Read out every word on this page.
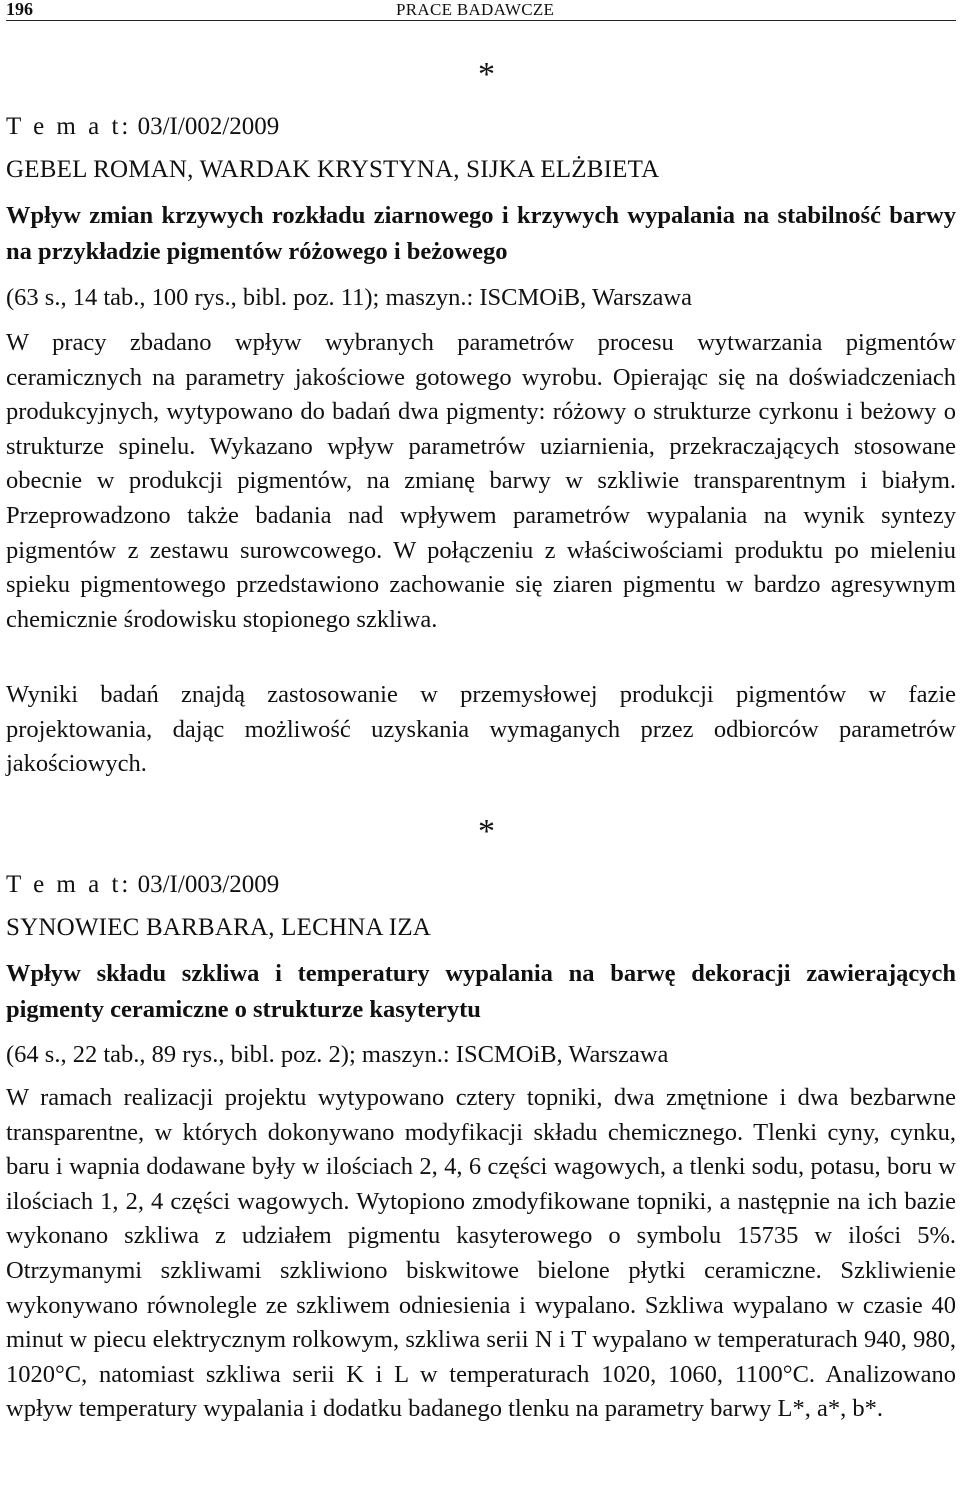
196	PRACE BADAWCZE
*
T e m a t: 03/I/002/2009
GEBEL ROMAN, WARDAK KRYSTYNA, SIJKA ELŻBIETA
Wpływ zmian krzywych rozkładu ziarnowego i krzywych wypalania na stabilność barwy na przykładzie pigmentów różowego i beżowego
(63 s., 14 tab., 100 rys., bibl. poz. 11); maszyn.: ISCMOiB, Warszawa

W pracy zbadano wpływ wybranych parametrów procesu wytwarzania pigmentów ceramicznych na parametry jakościowe gotowego wyrobu. Opierając się na doświadczeniach produkcyjnych, wytypowano do badań dwa pigmenty: różowy o strukturze cyrkonu i beżowy o strukturze spinelu. Wykazano wpływ parametrów uziarnienia, przekraczających stosowane obecnie w produkcji pigmentów, na zmianę barwy w szkliwie transparentnym i białym. Przeprowadzono także badania nad wpływem parametrów wypalania na wynik syntezy pigmentów z zestawu surowcowego. W połączeniu z właściwościami produktu po mieleniu spieku pigmentowego przedstawiono zachowanie się ziaren pigmentu w bardzo agresywnym chemicznie środowisku stopionego szkliwa.

Wyniki badań znajdą zastosowanie w przemysłowej produkcji pigmentów w fazie projektowania, dając możliwość uzyskania wymaganych przez odbiorców parametrów jakościowych.

*
T e m a t: 03/I/003/2009
SYNOWIEC BARBARA, LECHNA IZA
Wpływ składu szkliwa i temperatury wypalania na barwę dekoracji zawierających pigmenty ceramiczne o strukturze kasyterytu
(64 s., 22 tab., 89 rys., bibl. poz. 2); maszyn.: ISCMOiB, Warszawa

W ramach realizacji projektu wytypowano cztery topniki, dwa zmętnione i dwa bezbarwne transparentne, w których dokonywano modyfikacji składu chemicznego. Tlenki cyny, cynku, baru i wapnia dodawane były w ilościach 2, 4, 6 części wagowych, a tlenki sodu, potasu, boru w ilościach 1, 2, 4 części wagowych. Wytopiono zmodyfikowane topniki, a następnie na ich bazie wykonano szkliwa z udziałem pigmentu kasyterowego o symbolu 15735 w ilości 5%. Otrzymanymi szkliwami szkliwiono biskwitowe bielone płytki ceramiczne. Szkliwienie wykonywano równolegle ze szkliwem odniesienia i wypalano. Szkliwa wypalano w czasie 40 minut w piecu elektrycznym rolkowym, szkliwa serii N i T wypalano w temperaturach 940, 980, 1020°C, natomiast szkliwa serii K i L w temperaturach 1020, 1060, 1100°C. Analizowano wpływ temperatury wypalania i dodatku badanego tlenku na parametry barwy L*, a*, b*.
